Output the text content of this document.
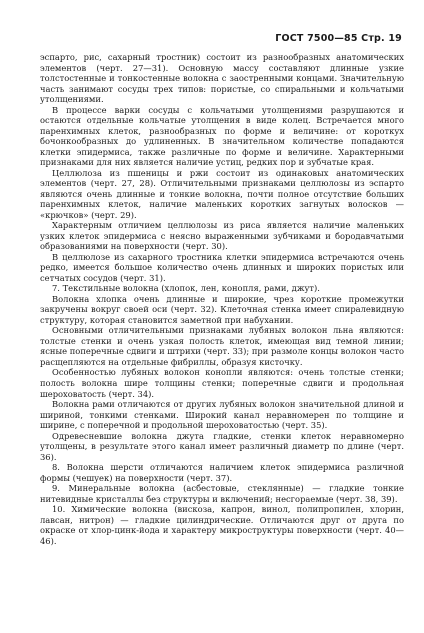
ГОСТ 7500—85 Стр. 19

эспарто, рис, сахарный тростник) состоит из разнообразных анатомических элементов (черт. 27—31). Основную массу составляют длинные узкие толстостенные и тонкостенные волокна с заостренными концами. Значительную часть занимают сосуды трех типов: пористые, со спиральными и кольчатыми утолщениями.

В процессе варки сосуды с кольчатыми утолщениями разрушаются и остаются отдельные кольчатые утолщения в виде колец. Встречается много паренхимных клеток, разнообразных по форме и величине: от короткух бочонкообразных до удлиненных. В значительном количестве попадаются клетки эпидермиса, также различные по форме и величине. Характерными признаками для них является наличие устиц, редких пор и зубчатые края.

Целлюлоза из пшеницы и ржи состоит из одинаковых анатомических элементов (черт. 27, 28). Отличительными признаками целлюлозы из эспарто являются очень длинные и тонкие волокна, почти полное отсутствие больших паренхимных клеток, наличие маленьких коротких загнутых волосков — «крючков» (черт. 29).

Характерным отличием целлюлозы из риса является наличие маленьких узких клеток эпидермиса с неясно выраженными зубчиками и бородавчатыми образованиями на поверхности (черт. 30).

В целлюлозе из сахарного тростника клетки эпидермиса встречаются очень редко, имеется большое количество очень длинных и широких пористых или сетчатых сосудов (черт. 31).

7. Текстильные волокна (хлопок, лен, конопля, рами, джут).

Волокна хлопка очень длинные и широкие, чрез короткие промежутки закручены вокруг своей оси (черт. 32). Клеточная стенка имеет спиралевидную структуру, которая становится заметной при набухании.

Основными отличительными признаками лубяных волокон льна являются: толстые стенки и очень узкая полость клеток, имеющая вид темной линии; ясные поперечные сдвиги и штрихи (черт. 33); при размоле концы волокон часто расщепляются на отдельные фибриллы, образуя кисточку.

Особенностью лубяных волокон конопли являются: очень толстые стенки; полость волокна шире толщины стенки; поперечные сдвиги и продольная шероховатость (черт. 34).

Волокна рами отличаются от других лубяных волокон значительной длиной и шириной, тонкими стенками. Широкий канал неравномерен по толщине и ширине, с поперечной и продольной шероховатостью (черт. 35).

Одревесневшие волокна джута гладкие, стенки клеток неравномерно утолщены, в результате этого канал имеет различный диаметр по длине (черт. 36).

8. Волокна шерсти отличаются наличием клеток эпидермиса различной формы (чешуек) на поверхности (черт. 37).

9. Минеральные волокна (асбестовые, стеклянные) — гладкие тонкие нитевидные кристаллы без структуры и включений; несгораемые (черт. 38, 39).

10. Химические волокна (вискоза, капрон, винол, полипропилен, хлорин, лавсан, нитрон) — гладкие цилиндрические. Отличаются друг от друга по окраске от хлор-цинк-йода и характеру микроструктуры поверхности (черт. 40—46).
